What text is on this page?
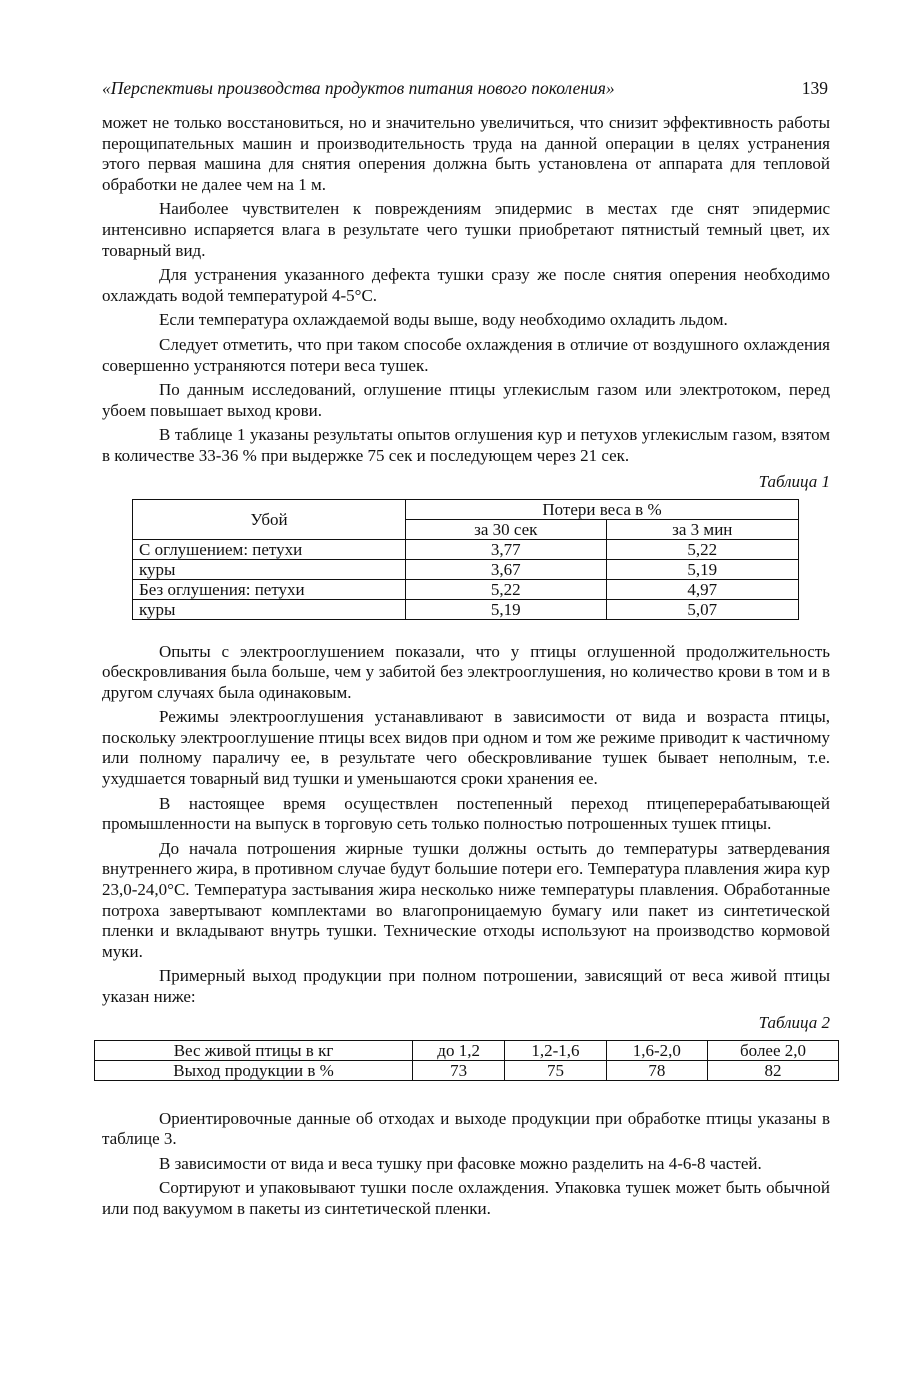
«Перспективы производства продуктов питания нового поколения»	139

может не только восстановиться, но и значительно увеличиться, что снизит эффективность работы перощипательных машин и производительность труда на данной операции в целях устранения этого первая машина для снятия оперения должна быть установлена от аппарата для тепловой обработки не далее чем на 1 м.

Наиболее чувствителен к повреждениям эпидермис в местах где снят эпидермис интенсивно испаряется влага в результате чего тушки приобретают пятнистый темный цвет, их товарный вид.

Для устранения указанного дефекта тушки сразу же после снятия оперения необходимо охлаждать водой температурой 4-5°С.

Если температура охлаждаемой воды выше, воду необходимо охладить льдом.

Следует отметить, что при таком способе охлаждения в отличие от воздушного охлаждения совершенно устраняются потери веса тушек.

По данным исследований, оглушение птицы углекислым газом или электротоком, перед убоем повышает выход крови.

В таблице 1 указаны результаты опытов оглушения кур и петухов углекислым газом, взятом в количестве 33-36 % при выдержке 75 сек и последующем через 21 сек.

Таблица 1
Убой	Потери веса в %	
	за 30 сек	за 3 мин
С оглушением: петухи	3,77	5,22
куры	3,67	5,19
Без оглушения: петухи	5,22	4,97
куры	5,19	5,07

Опыты с электрооглушением показали, что у птицы оглушенной продолжительность обескровливания была больше, чем у забитой без электрооглушения, но количество крови в том и в другом случаях была одинаковым.

Режимы электрооглушения устанавливают в зависимости от вида и возраста птицы, поскольку электрооглушение птицы всех видов при одном и том же режиме приводит к частичному или полному параличу ее, в результате чего обескровливание тушек бывает неполным, т.е. ухудшается товарный вид тушки и уменьшаются сроки хранения ее.

В настоящее время осуществлен постепенный переход птицеперерабатывающей промышленности на выпуск в торговую сеть только полностью потрошенных тушек птицы.

До начала потрошения жирные тушки должны остыть до температуры затвердевания внутреннего жира, в противном случае будут большие потери его. Температура плавления жира кур 23,0-24,0°С. Температура застывания жира несколько ниже температуры плавления. Обработанные потроха завертывают комплектами во влагопроницаемую бумагу или пакет из синтетической пленки и вкладывают внутрь тушки. Технические отходы используют на производство кормовой муки.

Примерный выход продукции при полном потрошении, зависящий от веса живой птицы указан ниже:

Таблица 2
Вес живой птицы в кг	до 1,2	1,2-1,6	1,6-2,0	более 2,0
Выход продукции в %	73	75	78	82

Ориентировочные данные об отходах и выходе продукции при обработке птицы указаны в таблице 3.

В зависимости от вида и веса тушку при фасовке можно разделить на 4-6-8 частей.

Сортируют и упаковывают тушки после охлаждения. Упаковка тушек может быть обычной или под вакуумом в пакеты из синтетической пленки.
